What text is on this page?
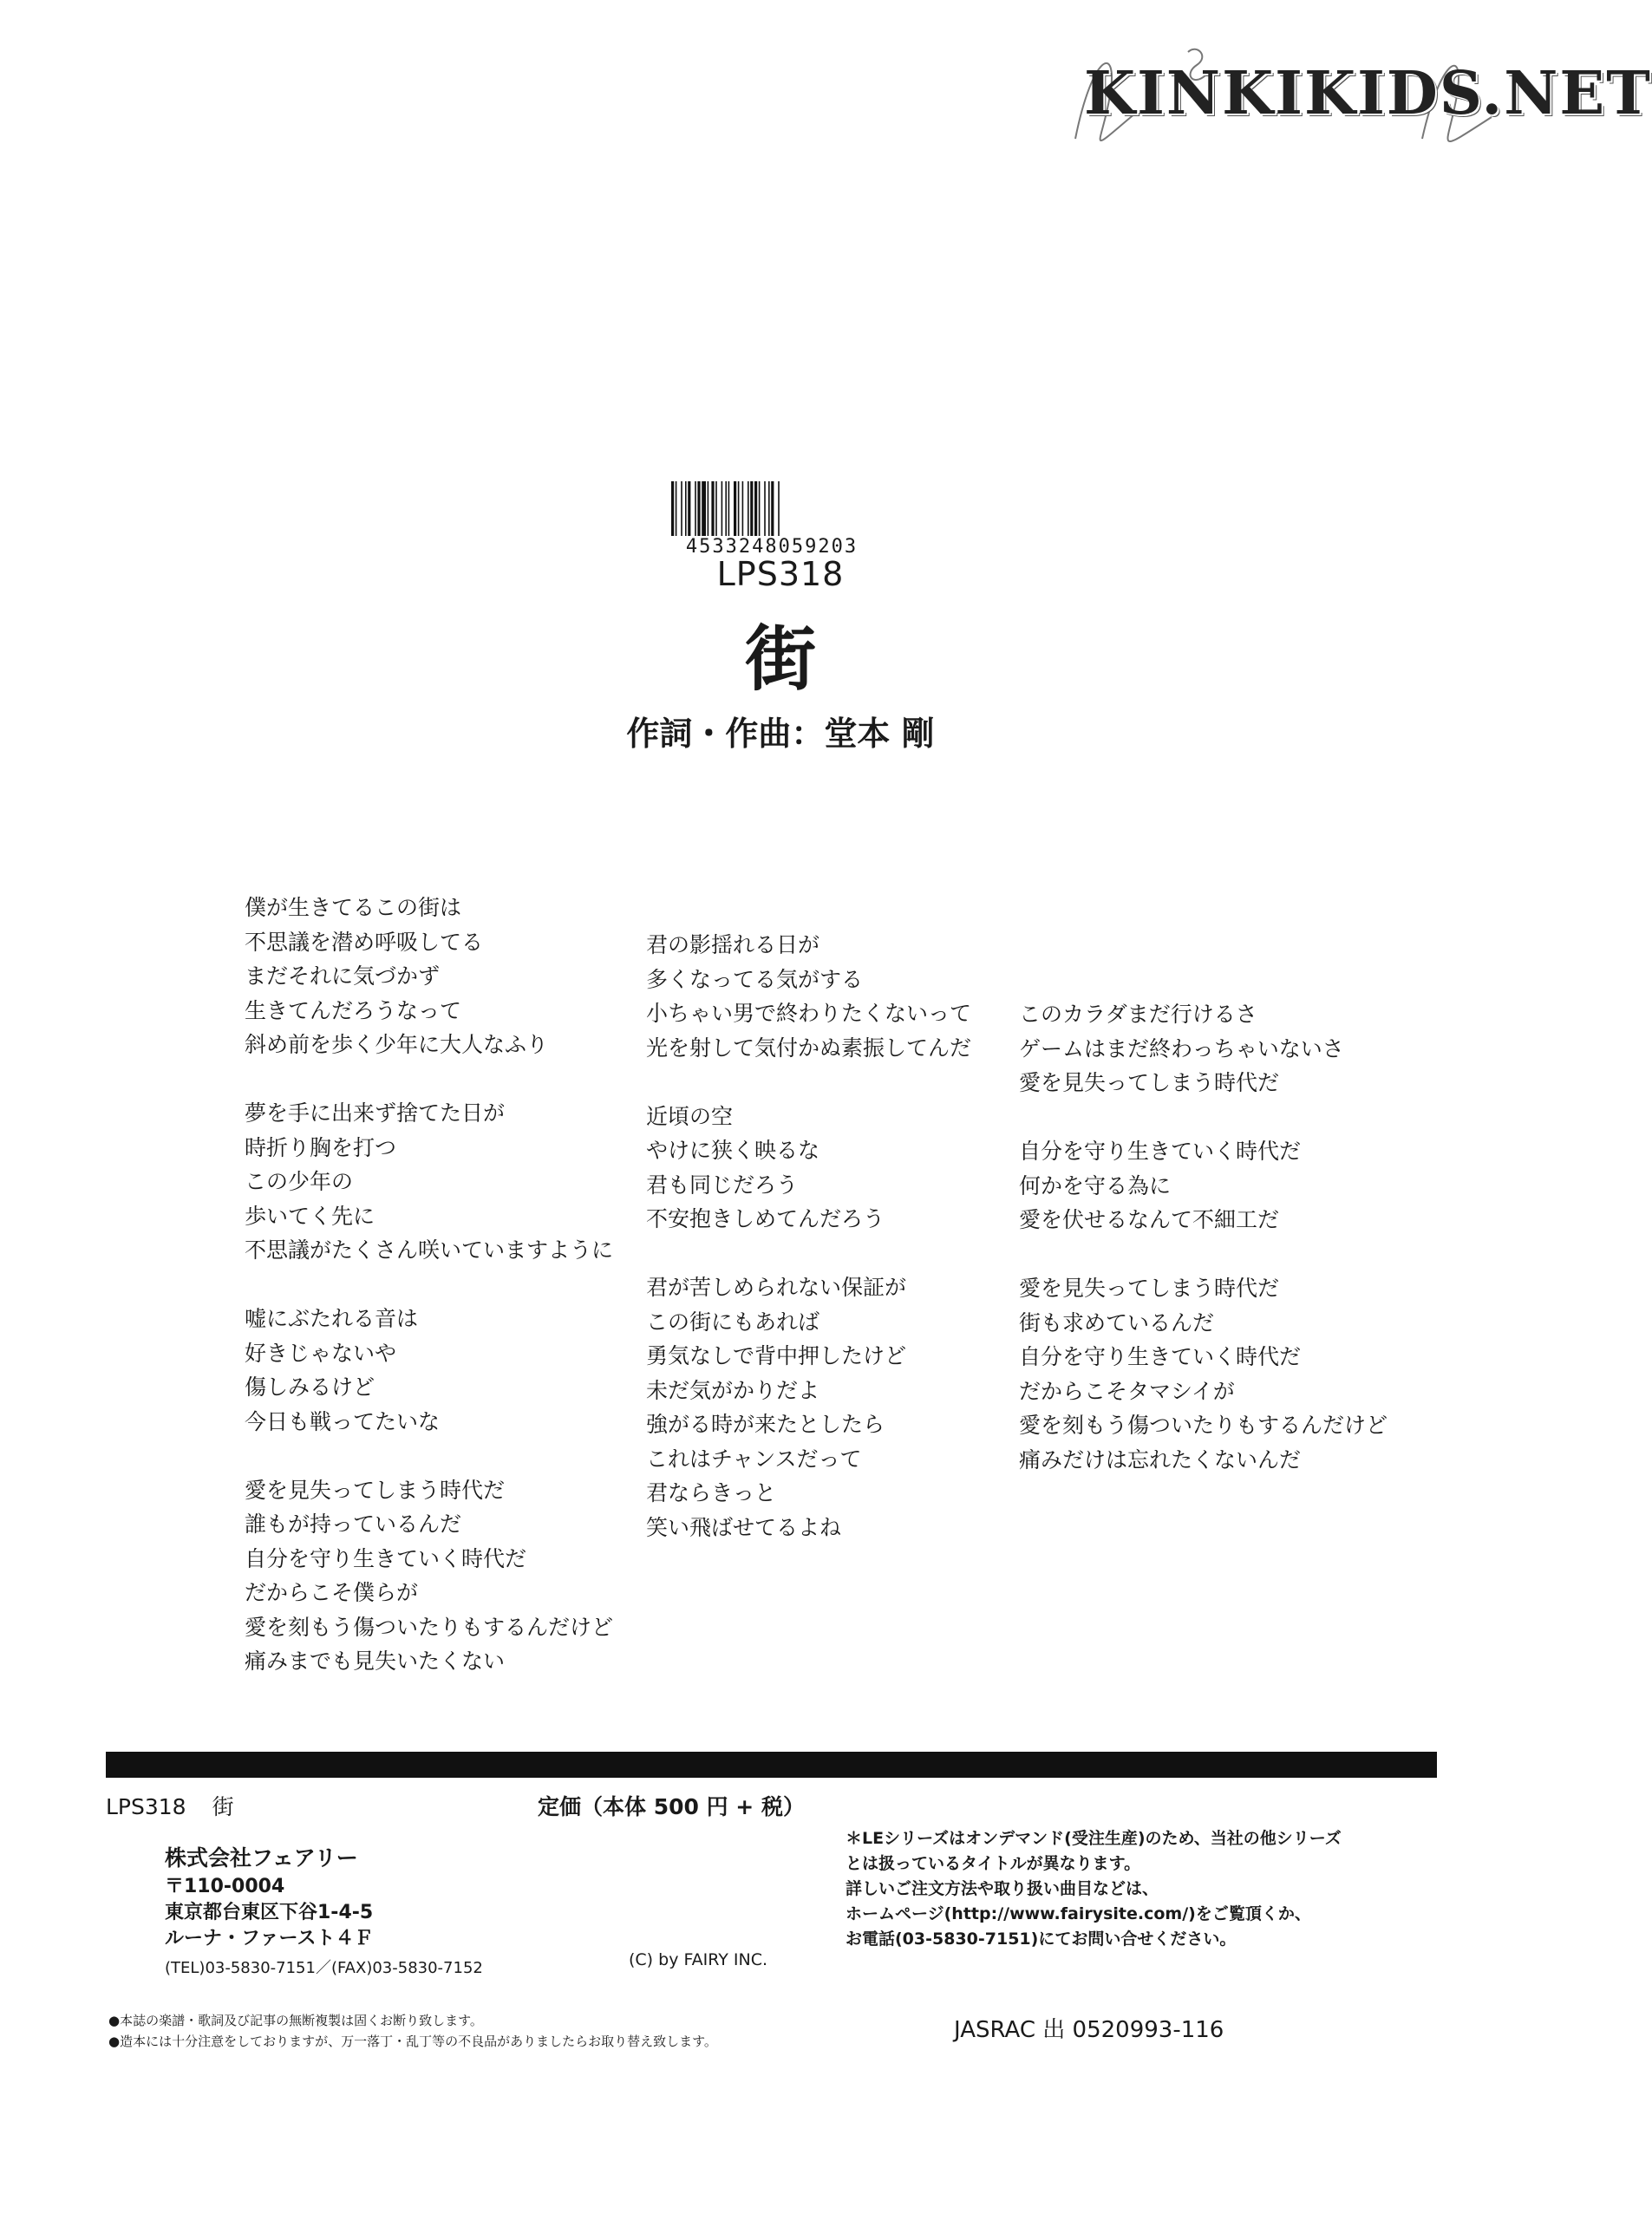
KINKIKIDS.NET
4533248059203
LPS318
街
作詞・作曲：堂本 剛
僕が生きてるこの街は
不思議を潜め呼吸してる
まだそれに気づかず
生きてんだろうなって
斜め前を歩く少年に大人なふり
夢を手に出来ず捨てた日が
時折り胸を打つ
この少年の
歩いてく先に
不思議がたくさん咲いていますように
嘘にぶたれる音は
好きじゃないや
傷しみるけど
今日も戦ってたいな
愛を見失ってしまう時代だ
誰もが持っているんだ
自分を守り生きていく時代だ
だからこそ僕らが
愛を刻もう傷ついたりもするんだけど
痛みまでも見失いたくない
君の影揺れる日が
多くなってる気がする
小ちゃい男で終わりたくないって
光を射して気付かぬ素振してんだ
近頃の空
やけに狭く映るな
君も同じだろう
不安抱きしめてんだろう
君が苦しめられない保証が
この街にもあれば
勇気なしで背中押したけど
未だ気がかりだよ
強がる時が来たとしたら
これはチャンスだって
君ならきっと
笑い飛ばせてるよね
このカラダまだ行けるさ
ゲームはまだ終わっちゃいないさ
愛を見失ってしまう時代だ
自分を守り生きていく時代だ
何かを守る為に
愛を伏せるなんて不細工だ
愛を見失ってしまう時代だ
街も求めているんだ
自分を守り生きていく時代だ
だからこそタマシイが
愛を刻もう傷ついたりもするんだけど
痛みだけは忘れたくないんだ
LPS318 街	定価（本体 500 円 + 税）
株式会社フェアリー
〒110-0004
東京都台東区下谷1-4-5
ルーナ・ファースト４Ｆ
(TEL)03-5830-7151／(FAX)03-5830-7152	(C) by FAIRY INC.
＊LEシリーズはオンデマンド(受注生産)のため、当社の他シリーズ
とは扱っているタイトルが異なります。
詳しいご注文方法や取り扱い曲目などは、
ホームページ(http://www.fairysite.com/)をご覧頂くか、
お電話(03-5830-7151)にてお問い合せください。
●本誌の楽譜・歌詞及び記事の無断複製は固くお断り致します。
●造本には十分注意をしておりますが、万一落丁・乱丁等の不良品がありましたらお取り替え致します。	JASRAC 出 0520993-116
